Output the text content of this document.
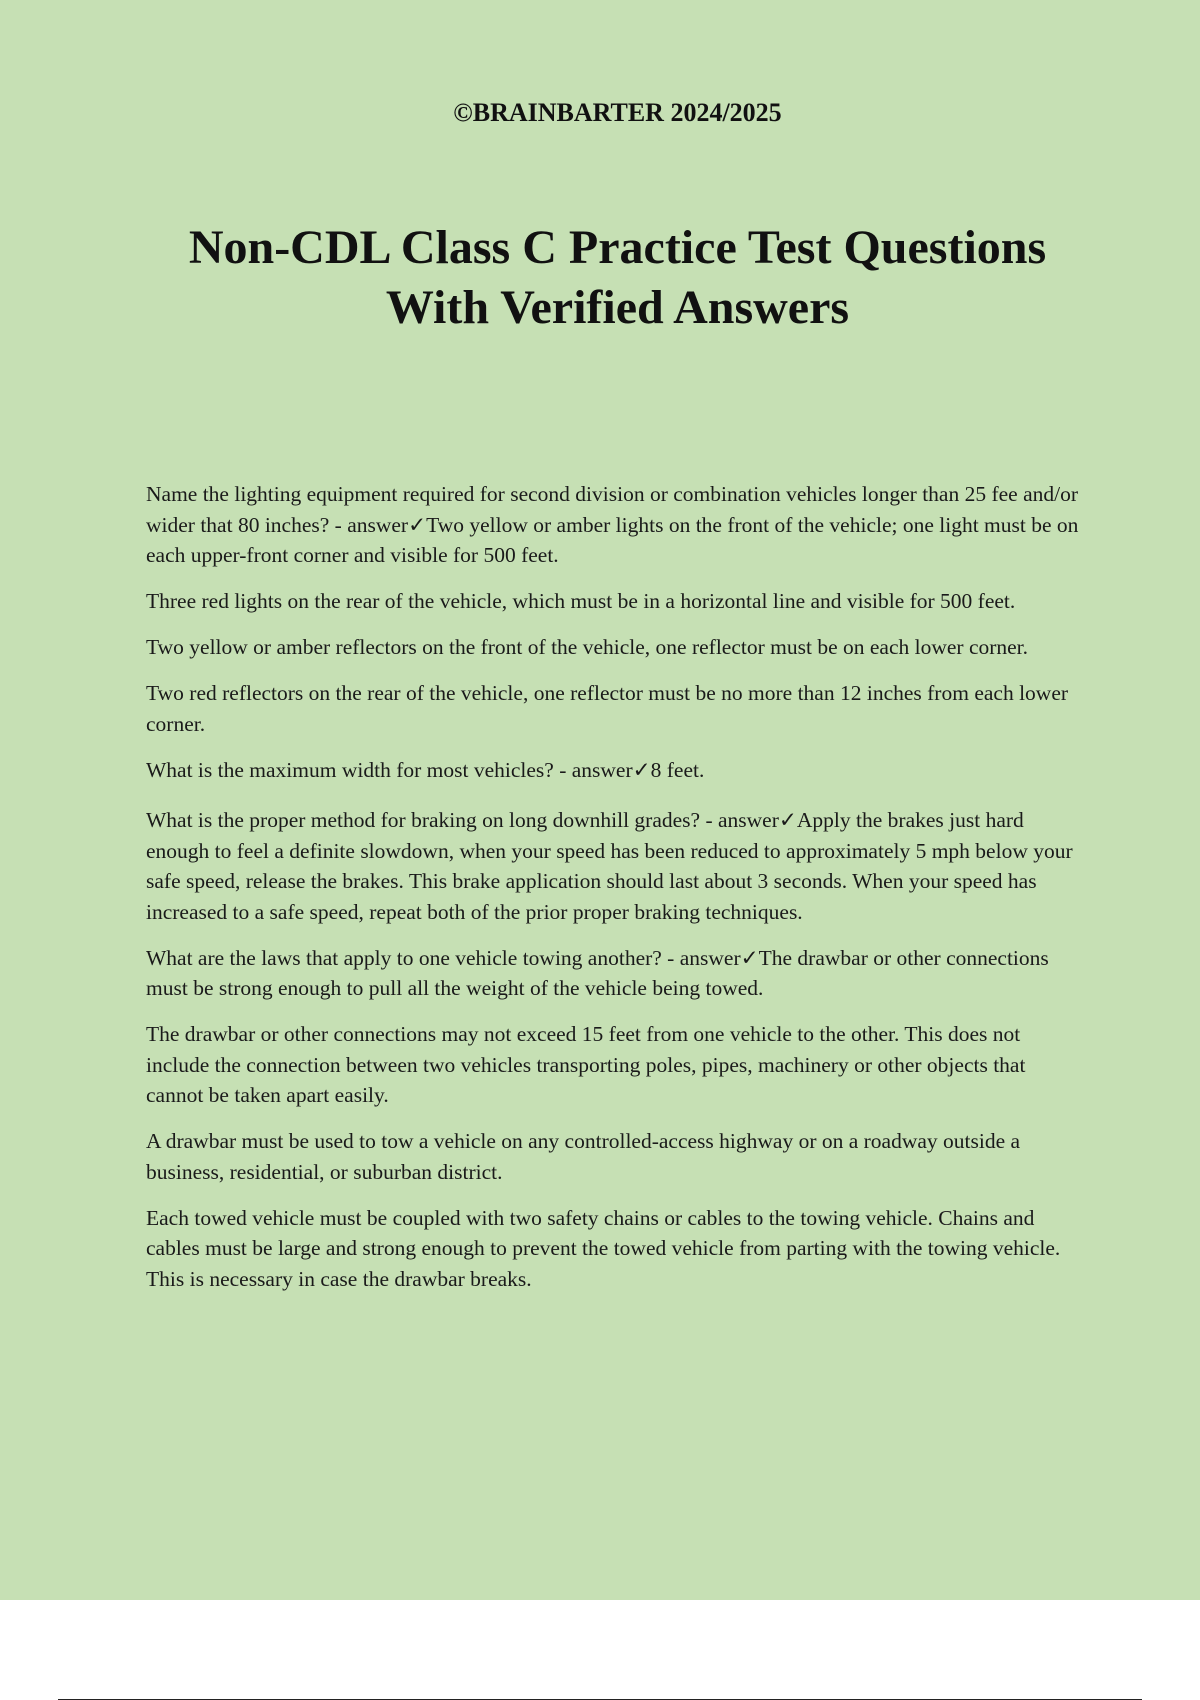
©BRAINBARTER 2024/2025
Non-CDL Class C Practice Test Questions
With Verified Answers

Name the lighting equipment required for second division or combination vehicles longer than 25 fee and/or wider that 80 inches? - answer✓Two yellow or amber lights on the front of the vehicle; one light must be on each upper-front corner and visible for 500 feet.

Three red lights on the rear of the vehicle, which must be in a horizontal line and visible for 500 feet.

Two yellow or amber reflectors on the front of the vehicle, one reflector must be on each lower corner.

Two red reflectors on the rear of the vehicle, one reflector must be no more than 12 inches from each lower corner.

What is the maximum width for most vehicles? - answer✓8 feet.

What is the proper method for braking on long downhill grades? - answer✓Apply the brakes just hard enough to feel a definite slowdown, when your speed has been reduced to approximately 5 mph below your safe speed, release the brakes. This brake application should last about 3 seconds. When your speed has increased to a safe speed, repeat both of the prior proper braking techniques.

What are the laws that apply to one vehicle towing another? - answer✓The drawbar or other connections must be strong enough to pull all the weight of the vehicle being towed.

The drawbar or other connections may not exceed 15 feet from one vehicle to the other. This does not include the connection between two vehicles transporting poles, pipes, machinery or other objects that cannot be taken apart easily.

A drawbar must be used to tow a vehicle on any controlled-access highway or on a roadway outside a business, residential, or suburban district.

Each towed vehicle must be coupled with two safety chains or cables to the towing vehicle. Chains and cables must be large and strong enough to prevent the towed vehicle from parting with the towing vehicle. This is necessary in case the drawbar breaks.
